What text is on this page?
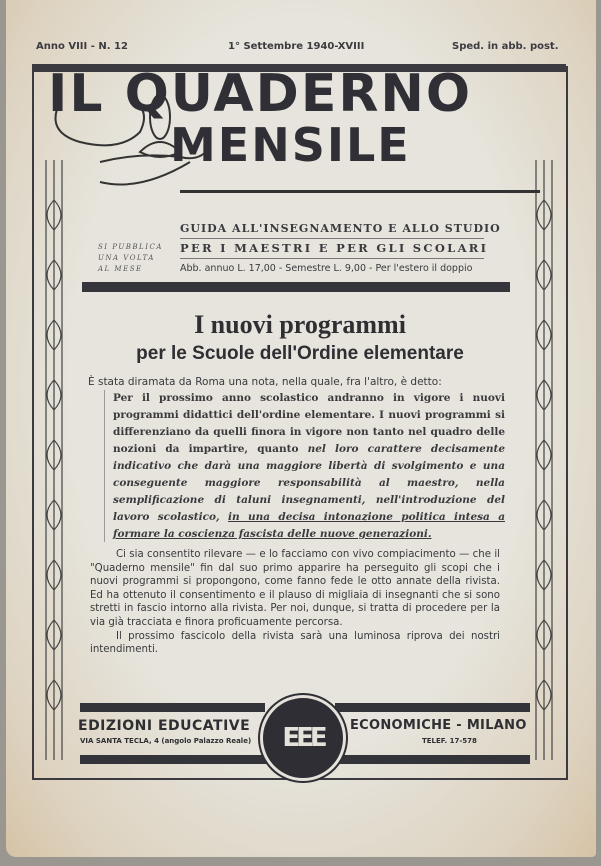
Anno VIII - N. 12	1° Settembre 1940-XVIII	Sped. in abb. post.
IL QUADERNO
MENSILE
GUIDA ALL'INSEGNAMENTO E ALLO STUDIO
PER I MAESTRI E PER GLI SCOLARI
Abb. annuo L. 17,00 - Semestre L. 9,00 - Per l'estero il doppio
SI PUBBLICA
UNA VOLTA
AL MESE
I nuovi programmi
per le Scuole dell'Ordine elementare
È stata diramata da Roma una nota, nella quale, fra l'altro, è detto:
Per il prossimo anno scolastico andranno in vigore i nuovi programmi didattici dell'ordine elementare. I nuovi programmi si differenziano da quelli finora in vigore non tanto nel quadro delle nozioni da impartire, quanto nel loro carattere decisamente indicativo che darà una maggiore libertà di svolgimento e una conseguente maggiore responsabilità al maestro, nella semplificazione di taluni insegnamenti, nell'introduzione del lavoro scolastico, in una decisa intonazione politica intesa a formare la coscienza fascista delle nuove generazioni.

Ci sia consentito rilevare — e lo facciamo con vivo compiacimento — che il "Quaderno mensile" fin dal suo primo apparire ha perseguito gli scopi che i nuovi programmi si propongono, come fanno fede le otto annate della rivista. Ed ha ottenuto il consentimento e il plauso di migliaia di insegnanti che si sono stretti in fascio intorno alla rivista. Per noi, dunque, si tratta di procedere per la via già tracciata e finora proficuamente percorsa.

Il prossimo fascicolo della rivista sarà una luminosa riprova dei nostri intendimenti.

EDIZIONI EDUCATIVE
VIA SANTA TECLA, 4 (angolo Palazzo Reale)
ECONOMICHE - MILANO
TELEF. 17-578
EEE
